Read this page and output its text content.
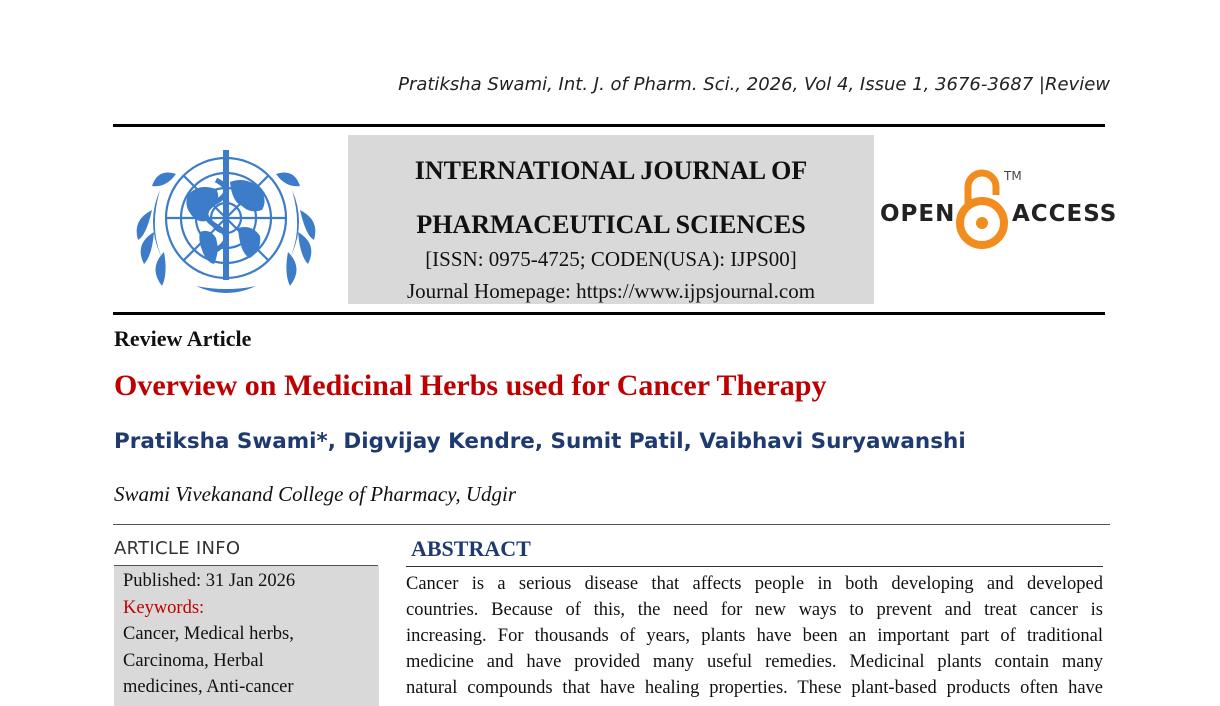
Pratiksha Swami, Int. J. of Pharm. Sci., 2026, Vol 4, Issue 1, 3676-3687 |Review
INTERNATIONAL JOURNAL OF
PHARMACEUTICAL SCIENCES
[ISSN: 0975-4725; CODEN(USA): IJPS00]
Journal Homepage: https://www.ijpsjournal.com
OPEN
TM
ACCESS
Review Article
Overview on Medicinal Herbs used for Cancer Therapy
Pratiksha Swami*, Digvijay Kendre, Sumit Patil, Vaibhavi Suryawanshi
Swami Vivekanand College of Pharmacy, Udgir
ARTICLE INFO
Published: 31 Jan 2026
Keywords:
Cancer, Medical herbs,
Carcinoma, Herbal
medicines, Anti-cancer
ABSTRACT
Cancer is a serious disease that affects people in both developing and developed
countries. Because of this, the need for new ways to prevent and treat cancer is
increasing. For thousands of years, plants have been an important part of traditional
medicine and have provided many useful remedies. Medicinal plants contain many
natural compounds that have healing properties. These plant-based products often have
